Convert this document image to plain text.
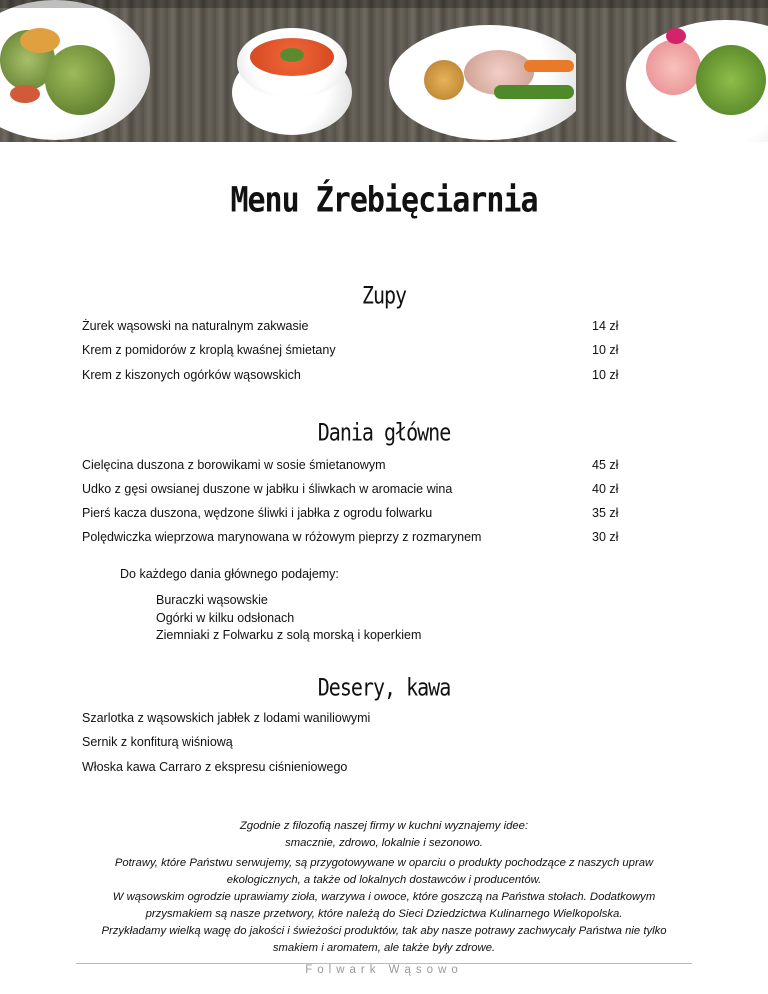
Menu Źrebięciarnia
Zupy
Żurek wąsowski na naturalnym zakwasie	14 zł
Krem z pomidorów z kroplą kwaśnej śmietany	10 zł
Krem z kiszonych ogórków wąsowskich	10 zł
Dania główne
Cielęcina duszona z borowikami w sosie śmietanowym	45 zł
Udko z gęsi owsianej duszone w jabłku i śliwkach w aromacie wina	40 zł
Pierś kacza duszona, wędzone śliwki i jabłka z ogrodu folwarku	35 zł
Polędwiczka wieprzowa marynowana w różowym pieprzy z rozmarynem	30 zł
Do każdego dania głównego podajemy:
Buraczki wąsowskie
Ogórki w kilku odsłonach
Ziemniaki z Folwarku z solą morską i koperkiem
Desery, kawa
Szarlotka z wąsowskich jabłek z lodami waniliowymi
Sernik z konfiturą wiśniową
Włoska kawa Carraro z ekspresu ciśnieniowego
Zgodnie z filozofią naszej firmy w kuchni wyznajemy idee:
smacznie, zdrowo, lokalnie i sezonowo.
Potrawy, które Państwu serwujemy, są przygotowywane w oparciu o produkty pochodzące z naszych upraw
ekologicznych, a także od lokalnych dostawców i producentów.
W wąsowskim ogrodzie uprawiamy zioła, warzywa i owoce, które goszczą na Państwa stołach. Dodatkowym
przysmakiem są nasze przetwory, które należą do Sieci Dziedzictwa Kulinarnego Wielkopolska.
Przykładamy wielką wagę do jakości i świeżości produktów, tak aby nasze potrawy zachwycały Państwa nie tylko
smakiem i aromatem, ale także były zdrowe.
Folwark Wąsowo
